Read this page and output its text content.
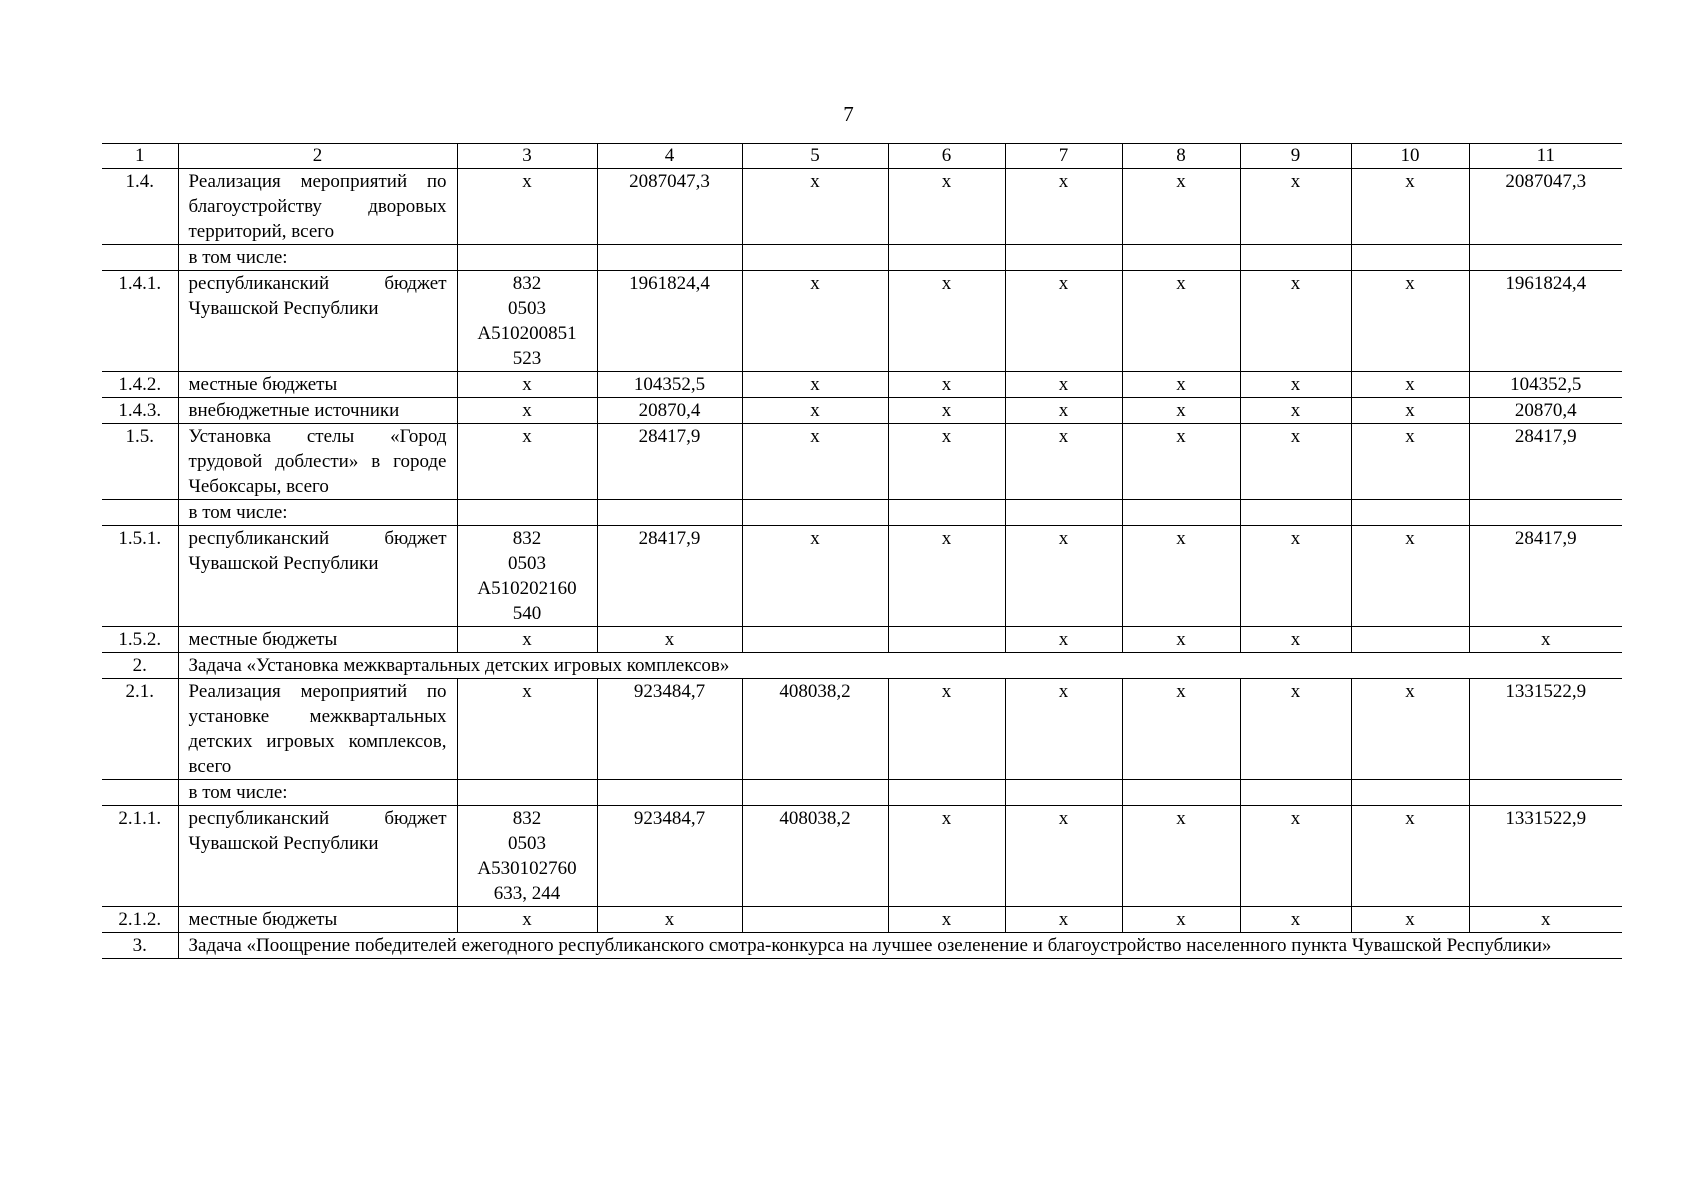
7
1	2	3	4	5	6	7	8	9	10	11
1.4.	Реализация мероприятий по благоустройству дворовых территорий, всего	x	2087047,3	x	x	x	x	x	x	2087047,3
	в том числе:									
1.4.1.	республиканский бюджет Чувашской Республики	832
0503
А510200851
523	1961824,4	x	x	x	x	x	x	1961824,4
1.4.2.	местные бюджеты	x	104352,5	x	x	x	x	x	x	104352,5
1.4.3.	внебюджетные источники	x	20870,4	x	x	x	x	x	x	20870,4
1.5.	Установка стелы «Город трудовой доблести» в городе Чебоксары, всего	x	28417,9	x	x	x	x	x	x	28417,9
	в том числе:									
1.5.1.	республиканский бюджет Чувашской Республики	832
0503
А510202160
540	28417,9	x	x	x	x	x	x	28417,9
1.5.2.	местные бюджеты	x	x			x	x	x		x
2.	Задача «Установка межквартальных детских игровых комплексов»									
2.1.	Реализация мероприятий по установке межквартальных детских игровых комплексов, всего	x	923484,7	408038,2	x	x	x	x	x	1331522,9
	в том числе:									
2.1.1.	республиканский бюджет Чувашской Республики	832
0503
А530102760
633, 244	923484,7	408038,2	x	x	x	x	x	1331522,9
2.1.2.	местные бюджеты	x	x		x	x	x	x	x	x
3.	Задача «Поощрение победителей ежегодного республиканского смотра-конкурса на лучшее озеленение и благоустройство населенного пункта Чувашской Республики»									
